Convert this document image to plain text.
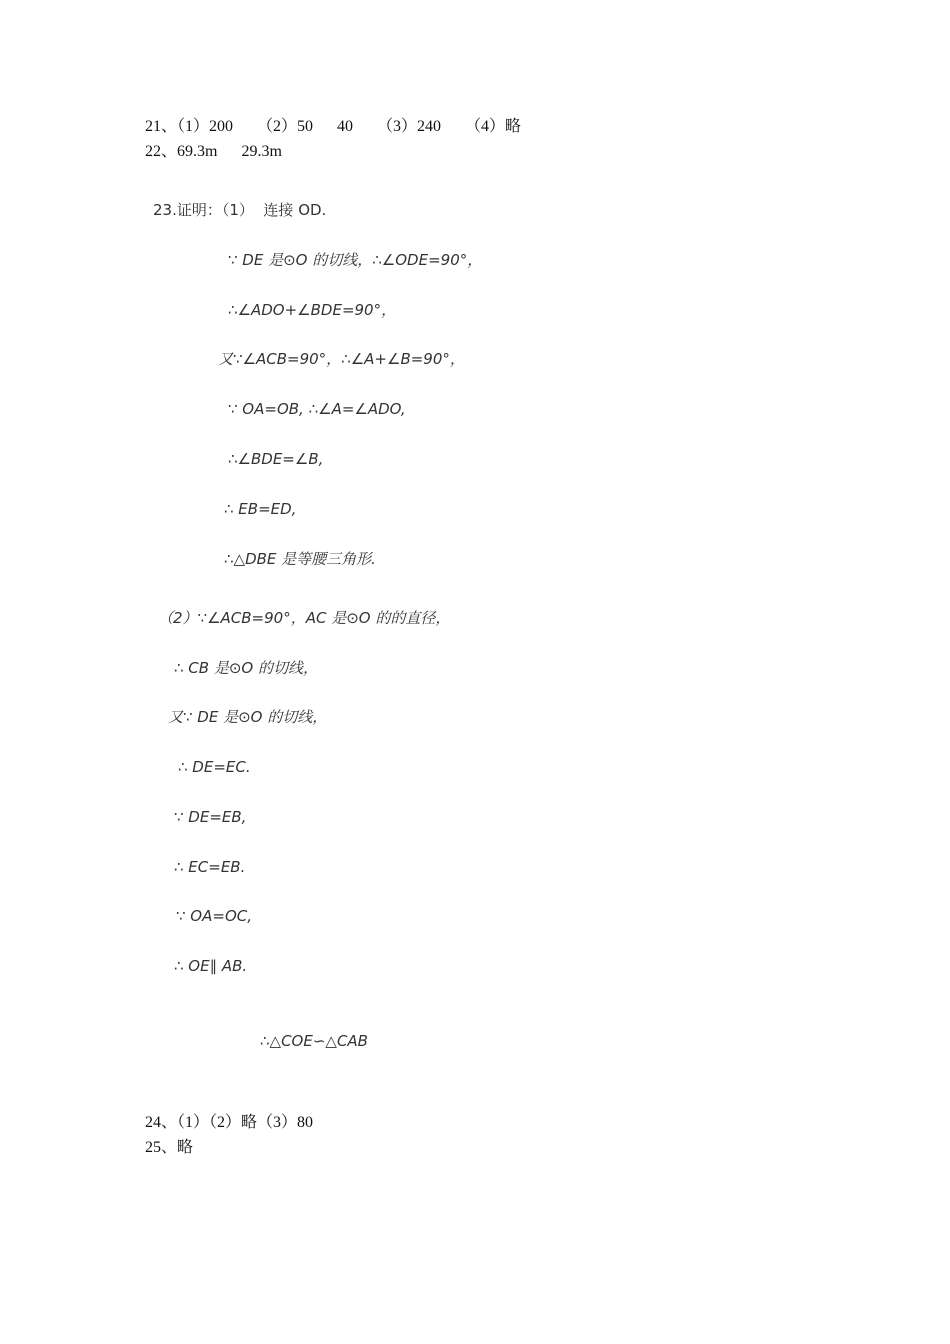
21、（1）200　　（2）50　  40　  （3）240　  （4）略
22、69.3m　  29.3m
23.证明：（1）  连接 OD.
∵ DE 是⊙O 的切线，∴∠ODE=90°，
∴∠ADO+∠BDE=90°，
又∵∠ACB=90°，∴∠A+∠B=90°，
∵ OA=OB, ∴∠A=∠ADO,
∴∠BDE=∠B,
∴ EB=ED,
∴△DBE 是等腰三角形.
（2）∵∠ACB=90°，AC 是⊙O 的的直径，
∴ CB 是⊙O 的切线，
又∵ DE 是⊙O 的切线，
∴ DE=EC.
∵ DE=EB,
∴ EC=EB.
∵ OA=OC,
∴ OE∥ AB.
∴△COE∽△CAB
24、（1）（2）略（3）80
25、略
